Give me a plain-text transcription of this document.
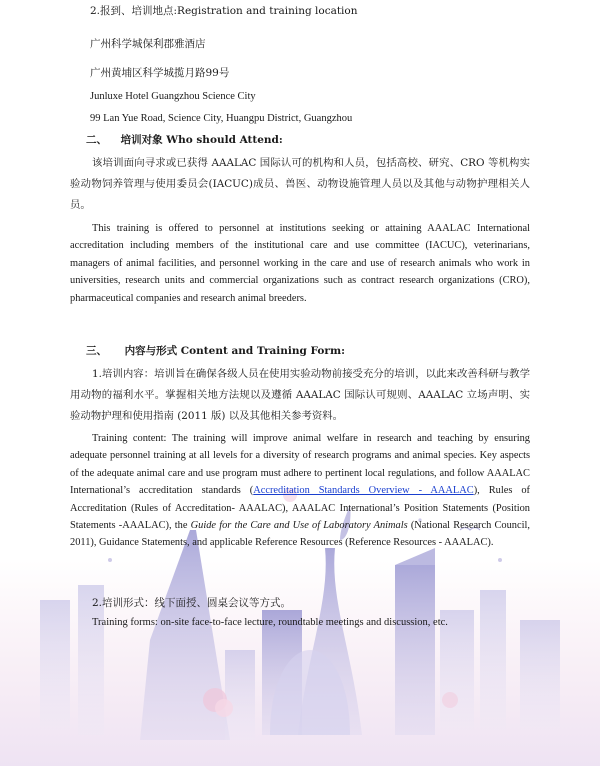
2.报到、培训地点:Registration and training location
广州科学城保利郡雅酒店
广州黄埔区科学城揽月路99号
Junluxe Hotel Guangzhou Science City
99 Lan Yue Road, Science City, Huangpu District, Guangzhou
二、 培训对象 Who should Attend:
该培训面向寻求或已获得 AAALAC 国际认可的机构和人员，包括高校、研究、CRO 等机构实验动物饲养管理与使用委员会(IACUC)成员、兽医、动物设施管理人员以及其他与动物护理相关人员。
This training is offered to personnel at institutions seeking or attaining AAALAC International accreditation including members of the institutional care and use committee (IACUC), veterinarians, managers of animal facilities, and personnel working in the care and use of research animals who work in universities, research units and commercial organizations such as contract research organizations (CRO), pharmaceutical companies and research animal breeders.
三、 内容与形式 Content and Training Form:
1.培训内容：培训旨在确保各级人员在使用实验动物前接受充分的培训，以此来改善科研与教学用动物的福利水平。掌握相关地方法规以及遵循 AAALAC 国际认可规则、AAALAC 立场声明、实验动物护理和使用指南 (2011 版) 以及其他相关参考资料。
Training content: The training will improve animal welfare in research and teaching by ensuring adequate personnel training at all levels for a diversity of research programs and animal species. Key aspects of the adequate animal care and use program must adhere to pertinent local regulations, and follow AAALAC International’s accreditation standards (Accreditation Standards Overview - AAALAC), Rules of Accreditation (Rules of Accreditation- AAALAC), AAALAC International’s Position Statements (Position Statements -AAALAC), the Guide for the Care and Use of Laboratory Animals (National Research Council, 2011), Guidance Statements, and applicable Reference Resources (Reference Resources - AAALAC).
2.培训形式：线下面授、圆桌会议等方式。
Training forms: on-site face-to-face lecture, roundtable meetings and discussion, etc.
